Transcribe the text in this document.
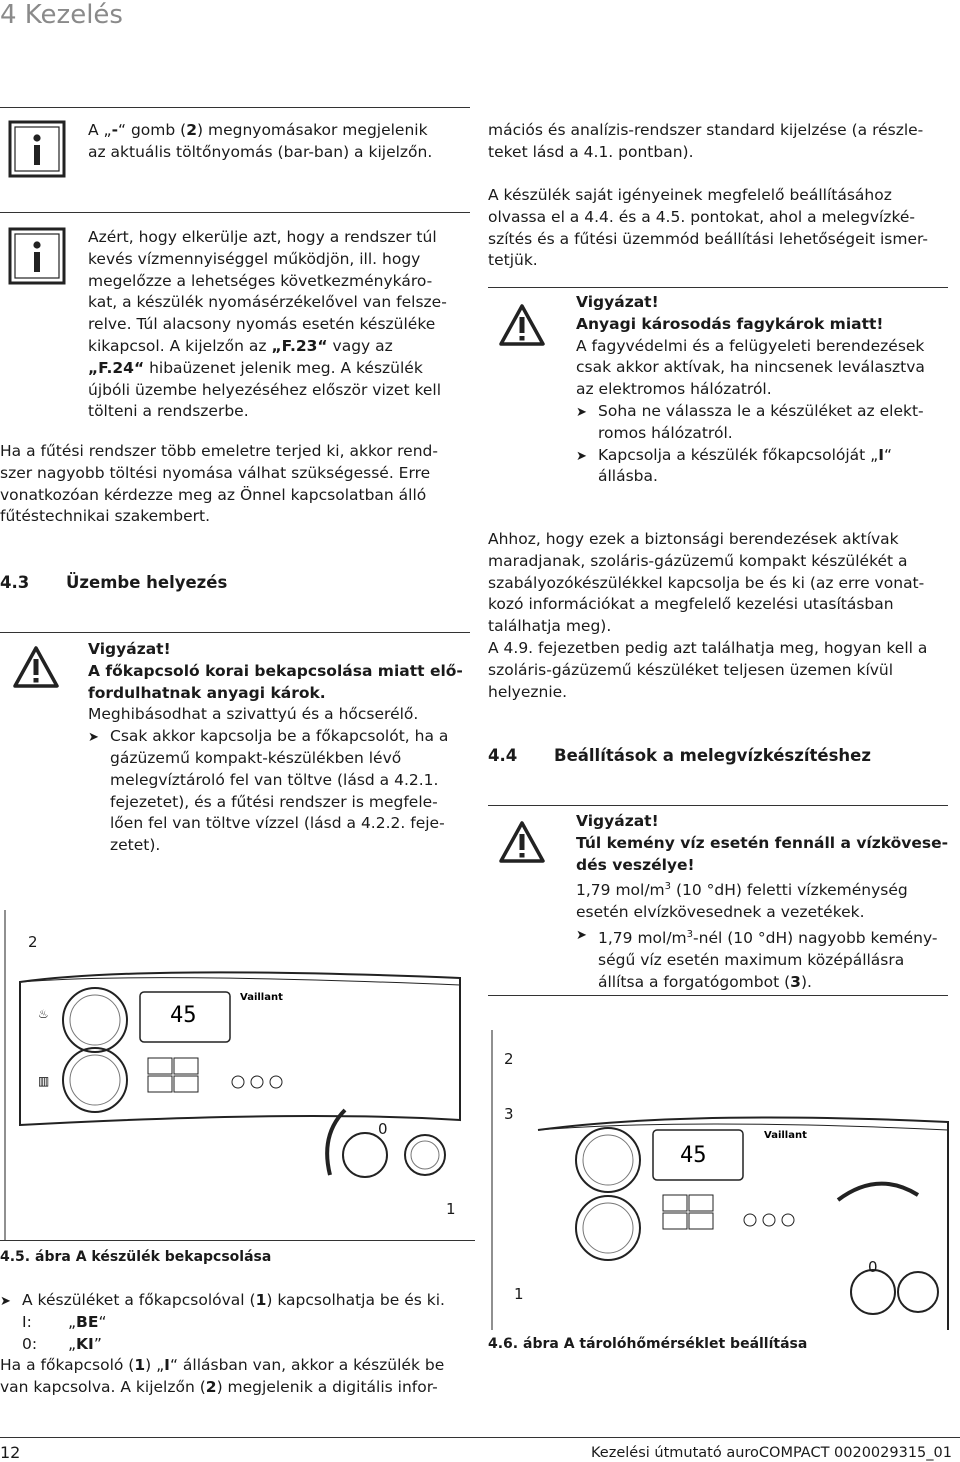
4 Kezelés
A „-“ gomb (2) megnyomásakor megjelenik
az aktuális töltőnyomás (bar-ban) a kijelzőn.
Azért, hogy elkerülje azt, hogy a rendszer túl
kevés vízmennyiséggel működjön, ill. hogy
megelőzze a lehetséges következménykáro-
kat, a készülék nyomásérzékelővel van felsze-
relve. Túl alacsony nyomás esetén készüléke
kikapcsol. A kijelzőn az „F.23“ vagy az
„F.24“ hibaüzenet jelenik meg. A készülék
újbóli üzembe helyezéséhez először vizet kell
tölteni a rendszerbe.
Ha a fűtési rendszer több emeletre terjed ki, akkor rend-
szer nagyobb töltési nyomása válhat szükségessé. Erre
vonatkozóan kérdezze meg az Önnel kapcsolatban álló
fűtéstechnikai szakembert.
4.3 Üzembe helyezés
Vigyázat!
A főkapcsoló korai bekapcsolása miatt elő-
fordulhatnak anyagi károk.
Meghibásodhat a szivattyú és a hőcserélő.

➤ Csak akkor kapcsolja be a főkapcsolót, ha a
gázüzemű kompakt-készülékben lévő
melegvíztároló fel van töltve (lásd a 4.2.1.
fejezetet), és a fűtési rendszer is megfele-
lően fel van töltve vízzel (lásd a 4.2.2. feje-
zetet).
♨
▥
45
Vaillant
2
0
1
4.5. ábra A készülék bekapcsolása
➤ A készüléket a főkapcsolóval (1) kapcsolhatja be és ki.
I: „BE“
0: „KI”
Ha a főkapcsoló (1) „I“ állásban van, akkor a készülék be
van kapcsolva. A kijelzőn (2) megjelenik a digitális infor-
mációs és analízis-rendszer standard kijelzése (a részle-
teket lásd a 4.1. pontban).
A készülék saját igényeinek megfelelő beállításához
olvassa el a 4.4. és a 4.5. pontokat, ahol a melegvízké-
szítés és a fűtési üzemmód beállítási lehetőségeit ismer-
tetjük.
Vigyázat!
Anyagi károsodás fagykárok miatt!
A fagyvédelmi és a felügyeleti berendezések
csak akkor aktívak, ha nincsenek leválasztva
az elektromos hálózatról.
➤ Soha ne válassza le a készüléket az elekt-
romos hálózatról.
➤ Kapcsolja a készülék főkapcsolóját „I“
állásba.
Ahhoz, hogy ezek a biztonsági berendezések aktívak
maradjanak, szoláris-gázüzemű kompakt készülékét a
szabályozókészülékkel kapcsolja be és ki (az erre vonat-
kozó információkat a megfelelő kezelési utasításban
találhatja meg).
A 4.9. fejezetben pedig azt találhatja meg, hogyan kell a
szoláris-gázüzemű készüléket teljesen üzemen kívül
helyeznie.
4.4 Beállítások a melegvízkészítéshez
Vigyázat!
Túl kemény víz esetén fennáll a vízkövese-
dés veszélye!
1,79 mol/$m^3$ (10 °dH) feletti vízkeménység
esetén elvízkövesednek a vezetékek.
➤ 1,79 mol/$m^3$-nél (10 °dH) nagyobb kemény-
ségű víz esetén maximum középállásra
állítsa a forgatógombot (3).
45
Vaillant
2
3
0
1
4.6. ábra A tárolóhőmérséklet beállítása
12	Kezelési útmutató auroCOMPACT 0020029315_01
